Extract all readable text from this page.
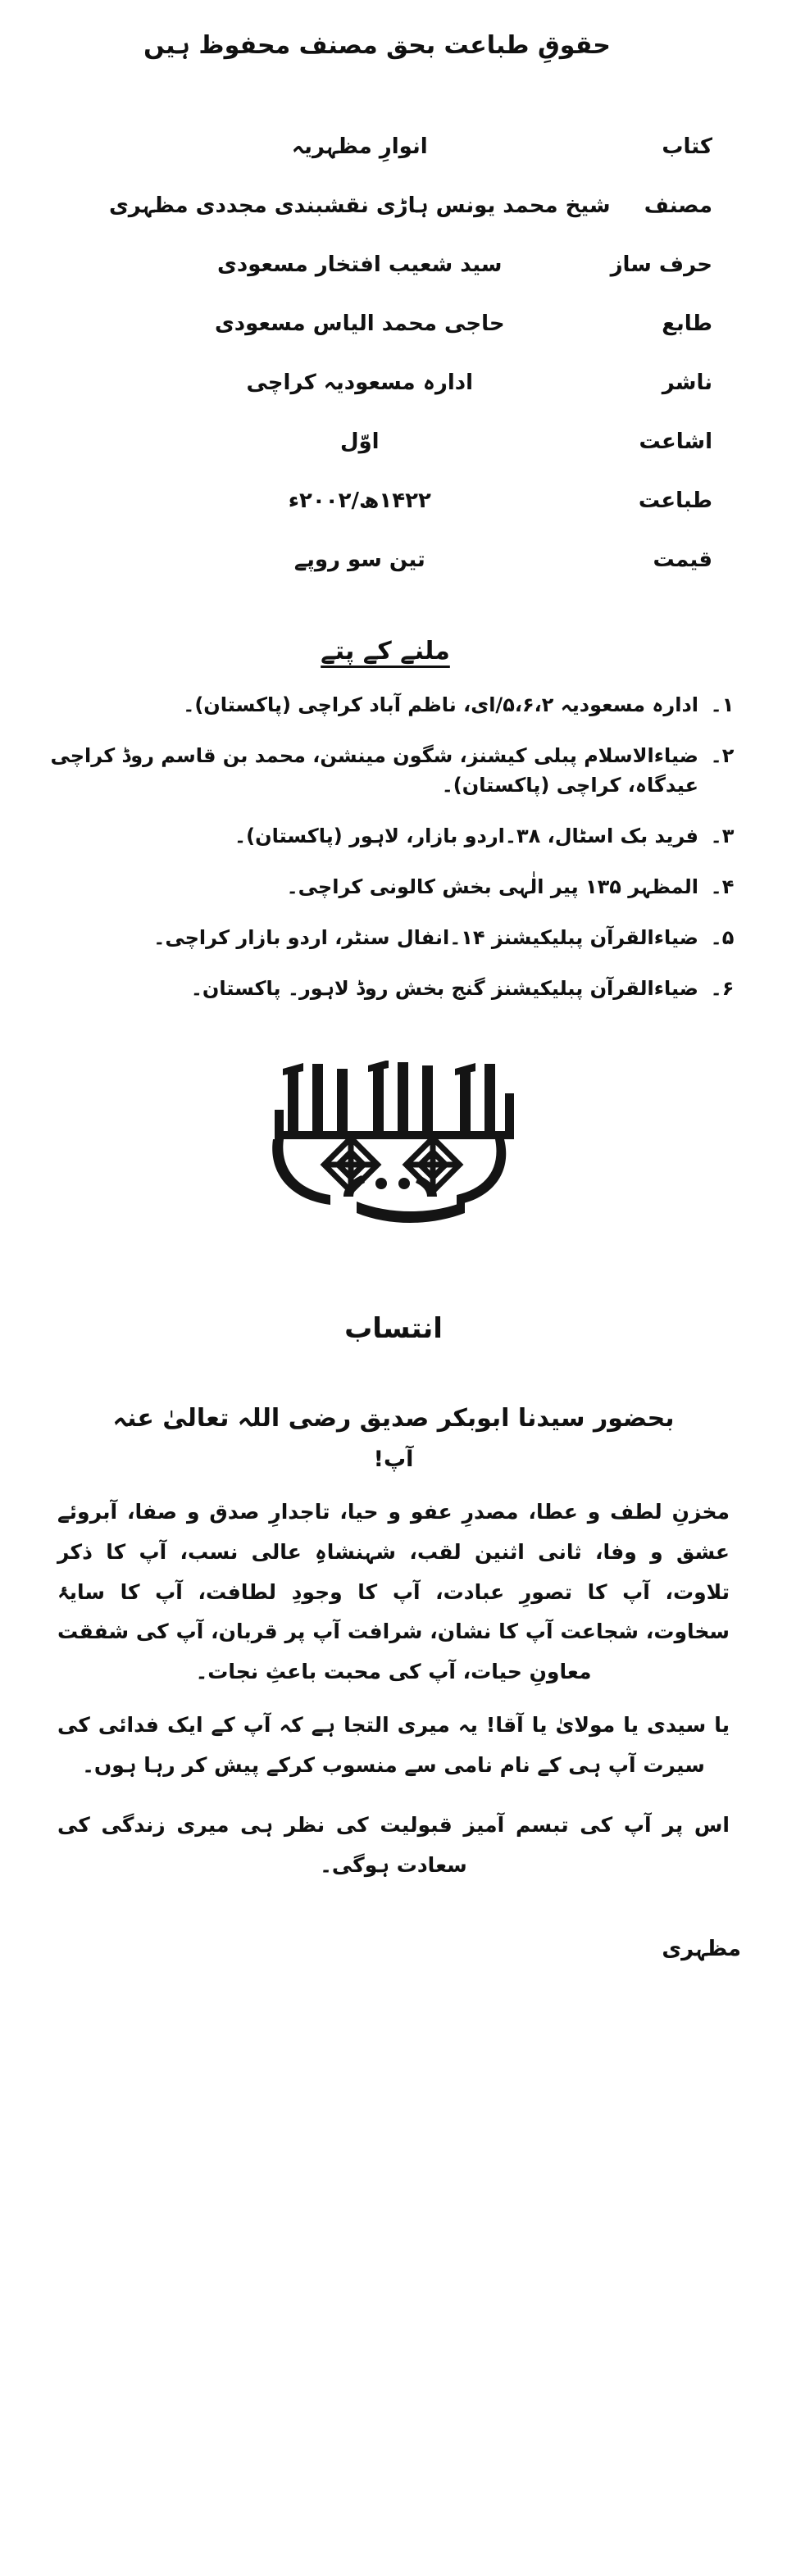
حقوقِ طباعت بحق مصنف محفوظ ہیں
کتاب	انوارِ مظہریہ
مصنف	شیخ محمد یونس ہاڑی نقشبندی مجددی مظہری
حرف ساز	سید شعیب افتخار مسعودی
طابع	حاجی محمد الیاس مسعودی
ناشر	ادارہ مسعودیہ کراچی
اشاعت	اوّل
طباعت	۱۴۲۲ھ/۲۰۰۲ء
قیمت	تین سو روپے
ملنے کے پتے
۱۔
ادارہ مسعودیہ ۵،۶،۲/ای، ناظم آباد کراچی (پاکستان)۔
۲۔
ضیاءالاسلام پبلی کیشنز، شگون مینشن، محمد بن قاسم روڈ کراچی عیدگاہ، کراچی (پاکستان)۔
۳۔
فرید بک اسٹال، ۳۸۔اردو بازار، لاہور (پاکستان)۔
۴۔
المظہر ۱۳۵ پیر الٰہی بخش کالونی کراچی۔
۵۔
ضیاءالقرآن پبلیکیشنز ۱۴۔انفال سنٹر، اردو بازار کراچی۔
۶۔
ضیاءالقرآن پبلیکیشنز گنج بخش روڈ لاہور۔ پاکستان۔
انتساب
بحضور سیدنا ابوبکر صدیق رضی اللہ تعالیٰ عنہ
آپ!

مخزنِ لطف و عطا، مصدرِ عفو و حیا، تاجدارِ صدق و صفا، آبروئے عشق و وفا، ثانی اثنین لقب، شہنشاہِ عالی نسب، آپ کا ذکر تلاوت، آپ کا تصورِ عبادت، آپ کا وجودِ لطافت، آپ کا سایۂ سخاوت، شجاعت آپ کا نشان، شرافت آپ پر قربان، آپ کی شفقت معاونِ حیات، آپ کی محبت باعثِ نجات۔

یا سیدی یا مولایٰ یا آقا! یہ میری التجا ہے کہ آپ کے ایک فدائی کی سیرت آپ ہی کے نام نامی سے منسوب کرکے پیش کر رہا ہوں۔

اس پر آپ کی تبسم آمیز قبولیت کی نظر ہی میری زندگی کی سعادت ہوگی۔

مظہری
